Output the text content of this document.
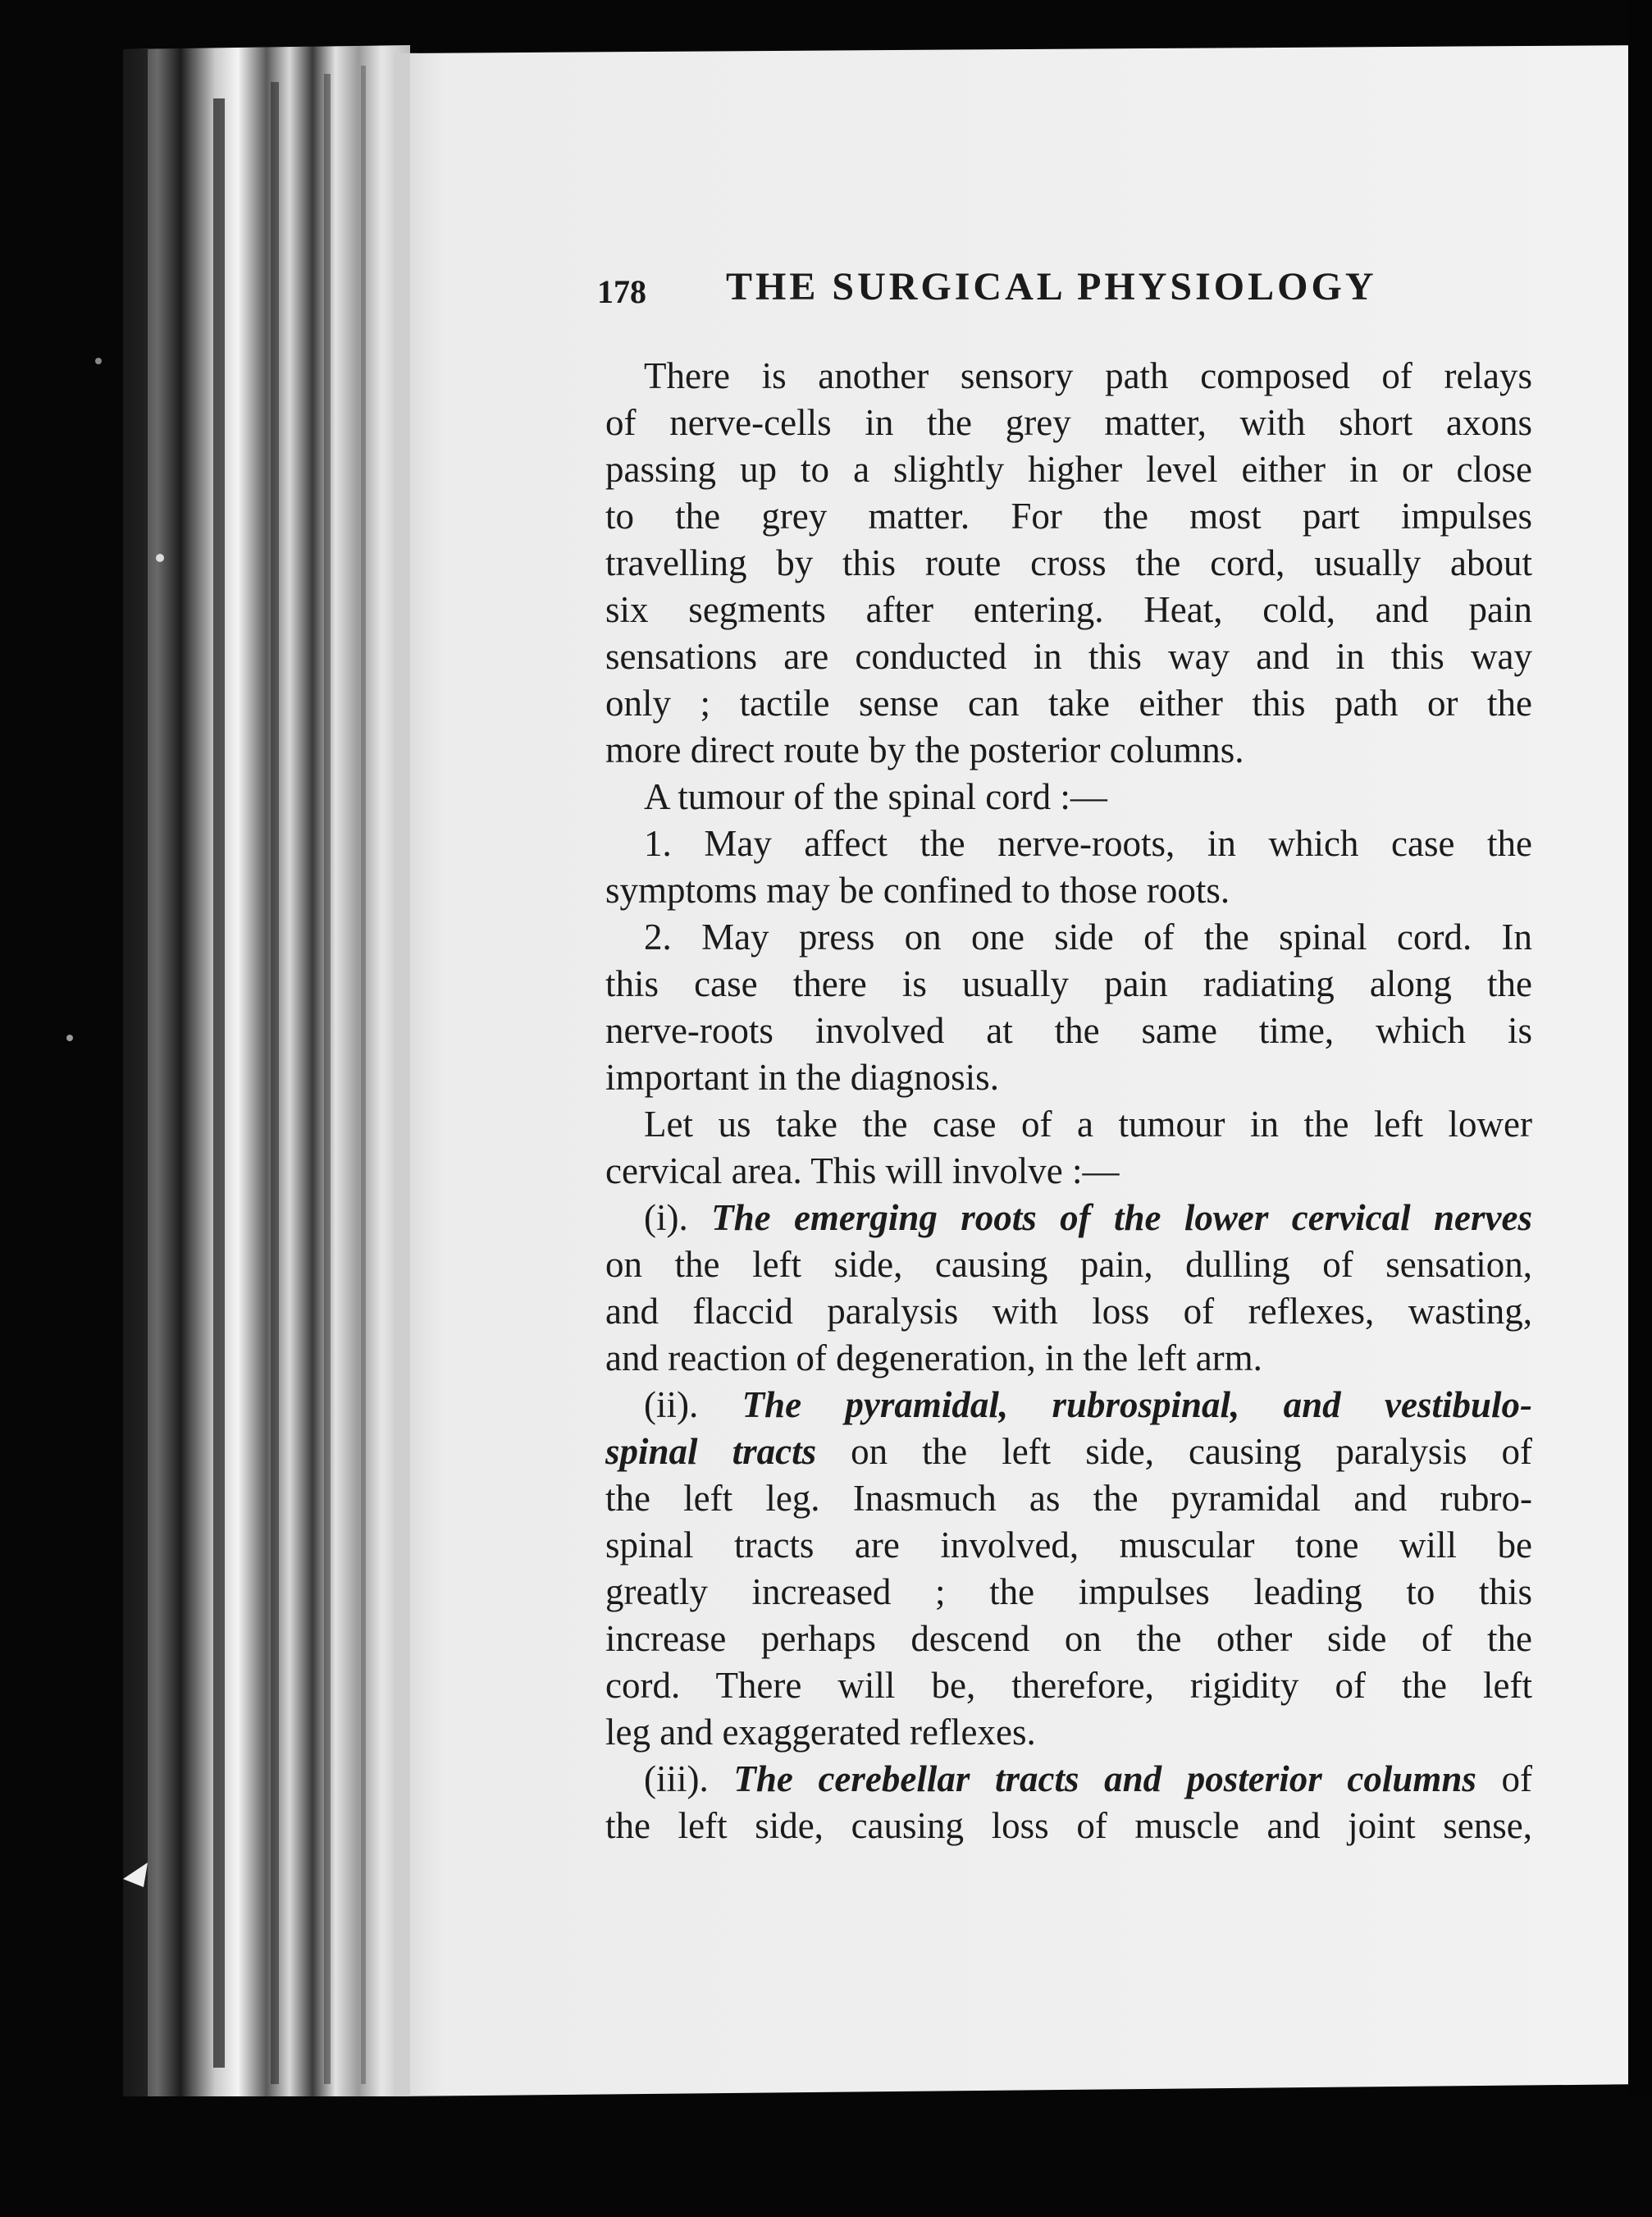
178 THE SURGICAL PHYSIOLOGY
There is another sensory path composed of relays
of nerve-cells in the grey matter, with short axons
passing up to a slightly higher level either in or close
to the grey matter. For the most part impulses
travelling by this route cross the cord, usually about
six segments after entering. Heat, cold, and pain
sensations are conducted in this way and in this way
only ; tactile sense can take either this path or the
more direct route by the posterior columns.
A tumour of the spinal cord :—
1. May affect the nerve-roots, in which case the
symptoms may be confined to those roots.
2. May press on one side of the spinal cord. In
this case there is usually pain radiating along the
nerve-roots involved at the same time, which is
important in the diagnosis.
Let us take the case of a tumour in the left lower
cervical area. This will involve :—
(i). The emerging roots of the lower cervical nerves
on the left side, causing pain, dulling of sensation,
and flaccid paralysis with loss of reflexes, wasting,
and reaction of degeneration, in the left arm.
(ii). The pyramidal, rubrospinal, and vestibulo-
spinal tracts on the left side, causing paralysis of
the left leg. Inasmuch as the pyramidal and rubro-
spinal tracts are involved, muscular tone will be
greatly increased ; the impulses leading to this
increase perhaps descend on the other side of the
cord. There will be, therefore, rigidity of the left
leg and exaggerated reflexes.
(iii). The cerebellar tracts and posterior columns of
the left side, causing loss of muscle and joint sense,
